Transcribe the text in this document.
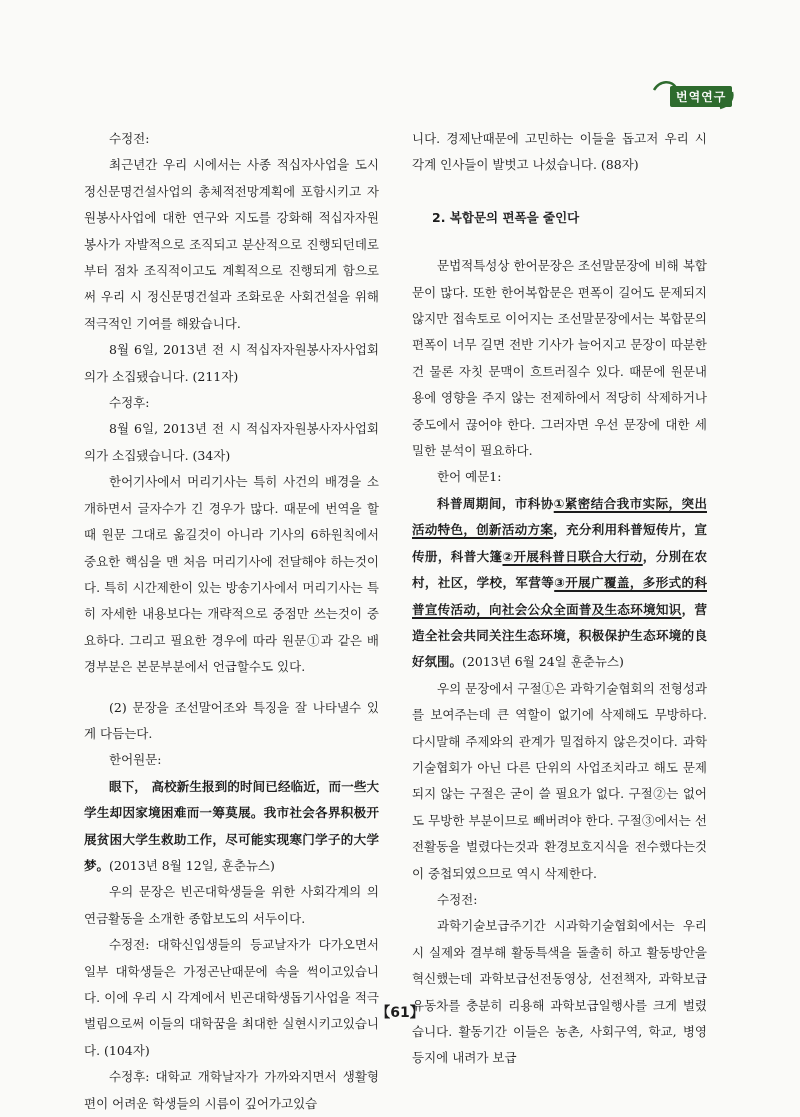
번역연구

수정전:

최근년간 우리 시에서는 사종 적십자사업을 도시정신문명건설사업의 총체적전망계획에 포함시키고 자원봉사사업에 대한 연구와 지도를 강화해 적십자자원봉사가 자발적으로 조직되고 분산적으로 진행되던데로부터 점차 조직적이고도 계획적으로 진행되게 함으로써 우리 시 정신문명건설과 조화로운 사회건설을 위해 적극적인 기여를 해왔습니다.

8월 6일, 2013년 전 시 적십자자원봉사자사업회의가 소집됐습니다. (211자)

수정후:

8월 6일, 2013년 전 시 적십자자원봉사자사업회의가 소집됐습니다. (34자)

한어기사에서 머리기사는 특히 사건의 배경을 소개하면서 글자수가 긴 경우가 많다. 때문에 번역을 할 때 원문 그대로 옮길것이 아니라 기사의 6하원칙에서 중요한 핵심을 맨 처음 머리기사에 전달해야 하는것이다. 특히 시간제한이 있는 방송기사에서 머리기사는 특히 자세한 내용보다는 개략적으로 중점만 쓰는것이 중요하다. 그리고 필요한 경우에 따라 원문①과 같은 배경부분은 본문부분에서 언급할수도 있다.

(2) 문장을 조선말어조와 특징을 잘 나타낼수 있게 다듬는다.

한어원문:

眼下， 高校新生报到的时间已经临近，而一些大学生却因家境困难而一筹莫展。我市社会各界积极开展贫困大学生救助工作，尽可能实现寒门学子的大学梦。(2013년 8월 12일, 훈춘뉴스)

우의 문장은 빈곤대학생들을 위한 사회각계의 의연금활동을 소개한 종합보도의 서두이다.

수정전: 대학신입생들의 등교날자가 다가오면서 일부 대학생들은 가정곤난때문에 속을 썩이고있습니다. 이에 우리 시 각계에서 빈곤대학생돕기사업을 적극 벌림으로써 이들의 대학꿈을 최대한 실현시키고있습니다. (104자)

수정후: 대학교 개학날자가 가까와지면서 생활형편이 어려운 학생들의 시름이 깊어가고있습

니다. 경제난때문에 고민하는 이들을 돕고저 우리 시 각계 인사들이 발벗고 나섰습니다. (88자)

2. 복합문의 편폭을 줄인다

문법적특성상 한어문장은 조선말문장에 비해 복합문이 많다. 또한 한어복합문은 편폭이 길어도 문제되지 않지만 접속토로 이어지는 조선말문장에서는 복합문의 편폭이 너무 길면 전반 기사가 늘어지고 문장이 따분한건 물론 자칫 문맥이 흐트러질수 있다. 때문에 원문내용에 영향을 주지 않는 전제하에서 적당히 삭제하거나 중도에서 끊어야 한다. 그러자면 우선 문장에 대한 세밀한 분석이 필요하다.

한어 예문1:

科普周期间，市科协①紧密结合我市实际，突出活动特色，创新活动方案，充分利用科普短传片，宣传册，科普大篷②开展科普日联合大行动，分別在农村，社区，学校，军营等③开展广覆盖，多形式的科普宣传活动，向社会公众全面普及生态环境知识，营造全社会共同关注生态环境，积极保护生态环境的良好氛围。(2013년 6월 24일 훈춘뉴스)

우의 문장에서 구절①은 과학기술협회의 전형성과를 보여주는데 큰 역할이 없기에 삭제해도 무방하다. 다시말해 주제와의 관계가 밀접하지 않은것이다. 과학기술협회가 아닌 다른 단위의 사업조치라고 해도 문제되지 않는 구절은 굳이 쓸 필요가 없다. 구절②는 없어도 무방한 부분이므로 빼버려야 한다. 구절③에서는 선전활동을 벌렸다는것과 환경보호지식을 전수했다는것이 중첩되였으므로 역시 삭제한다.

수정전:

과학기술보급주기간 시과학기술협회에서는 우리 시 실제와 결부해 활동특색을 돌출히 하고 활동방안을 혁신했는데 과학보급선전동영상, 선전책자, 과학보급유동차를 충분히 리용해 과학보급일행사를 크게 벌렸습니다. 활동기간 이들은 농촌, 사회구역, 학교, 병영 등지에 내려가 보급

【61】
